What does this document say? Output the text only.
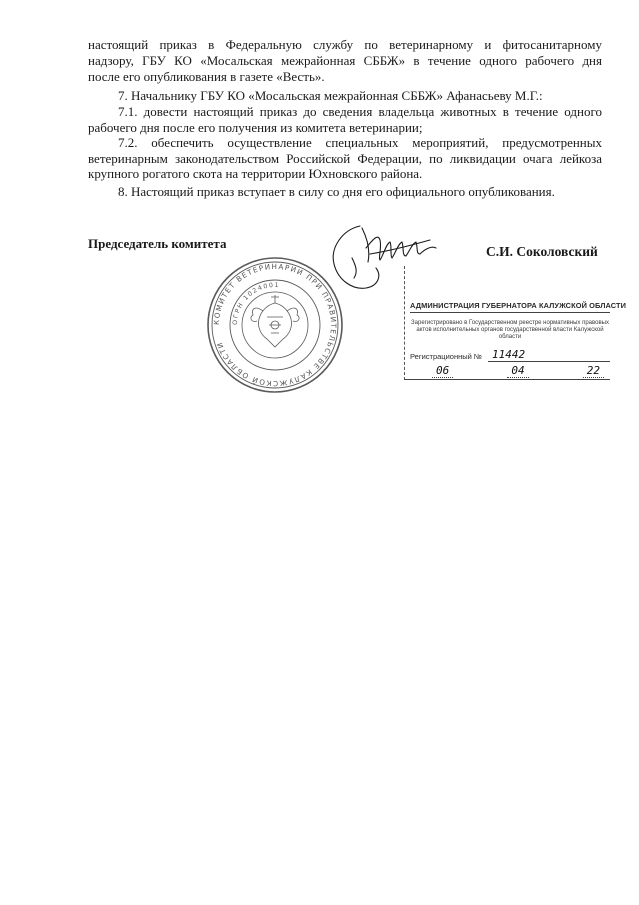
настоящий приказ в Федеральную службу по ветеринарному и фитосанитарному

надзору, ГБУ КО «Мосальская межрайонная СББЖ» в течение одного рабочего дня

после его опубликования в газете «Весть».

7. Начальнику ГБУ КО «Мосальская межрайонная СББЖ» Афанасьеву М.Г.:

7.1. довести настоящий приказ до сведения владельца животных в течение одного рабочего дня после его получения из комитета ветеринарии;

7.2. обеспечить осуществление специальных мероприятий, предусмотренных ветеринарным законодательством Российской Федерации, по ликвидации очага лейкоза крупного рогатого скота на территории Юхновского района.

8. Настоящий приказ вступает в силу со дня его официального опубликования.

Председатель комитета

С.И. Соколовский

КОМИТЕТ ВЕТЕРИНАРИИ ПРИ ПРАВИТЕЛЬСТВЕ КАЛУЖСКОЙ ОБЛАСТИ
ОГРН 1024001
АДМИНИСТРАЦИЯ ГУБЕРНАТОРА КАЛУЖСКОЙ ОБЛАСТИ
Зарегистрировано в Государственном реестре нормативных правовых актов исполнительных органов государственной власти Калужской области
Регистрационный № 11442
06	04	22
